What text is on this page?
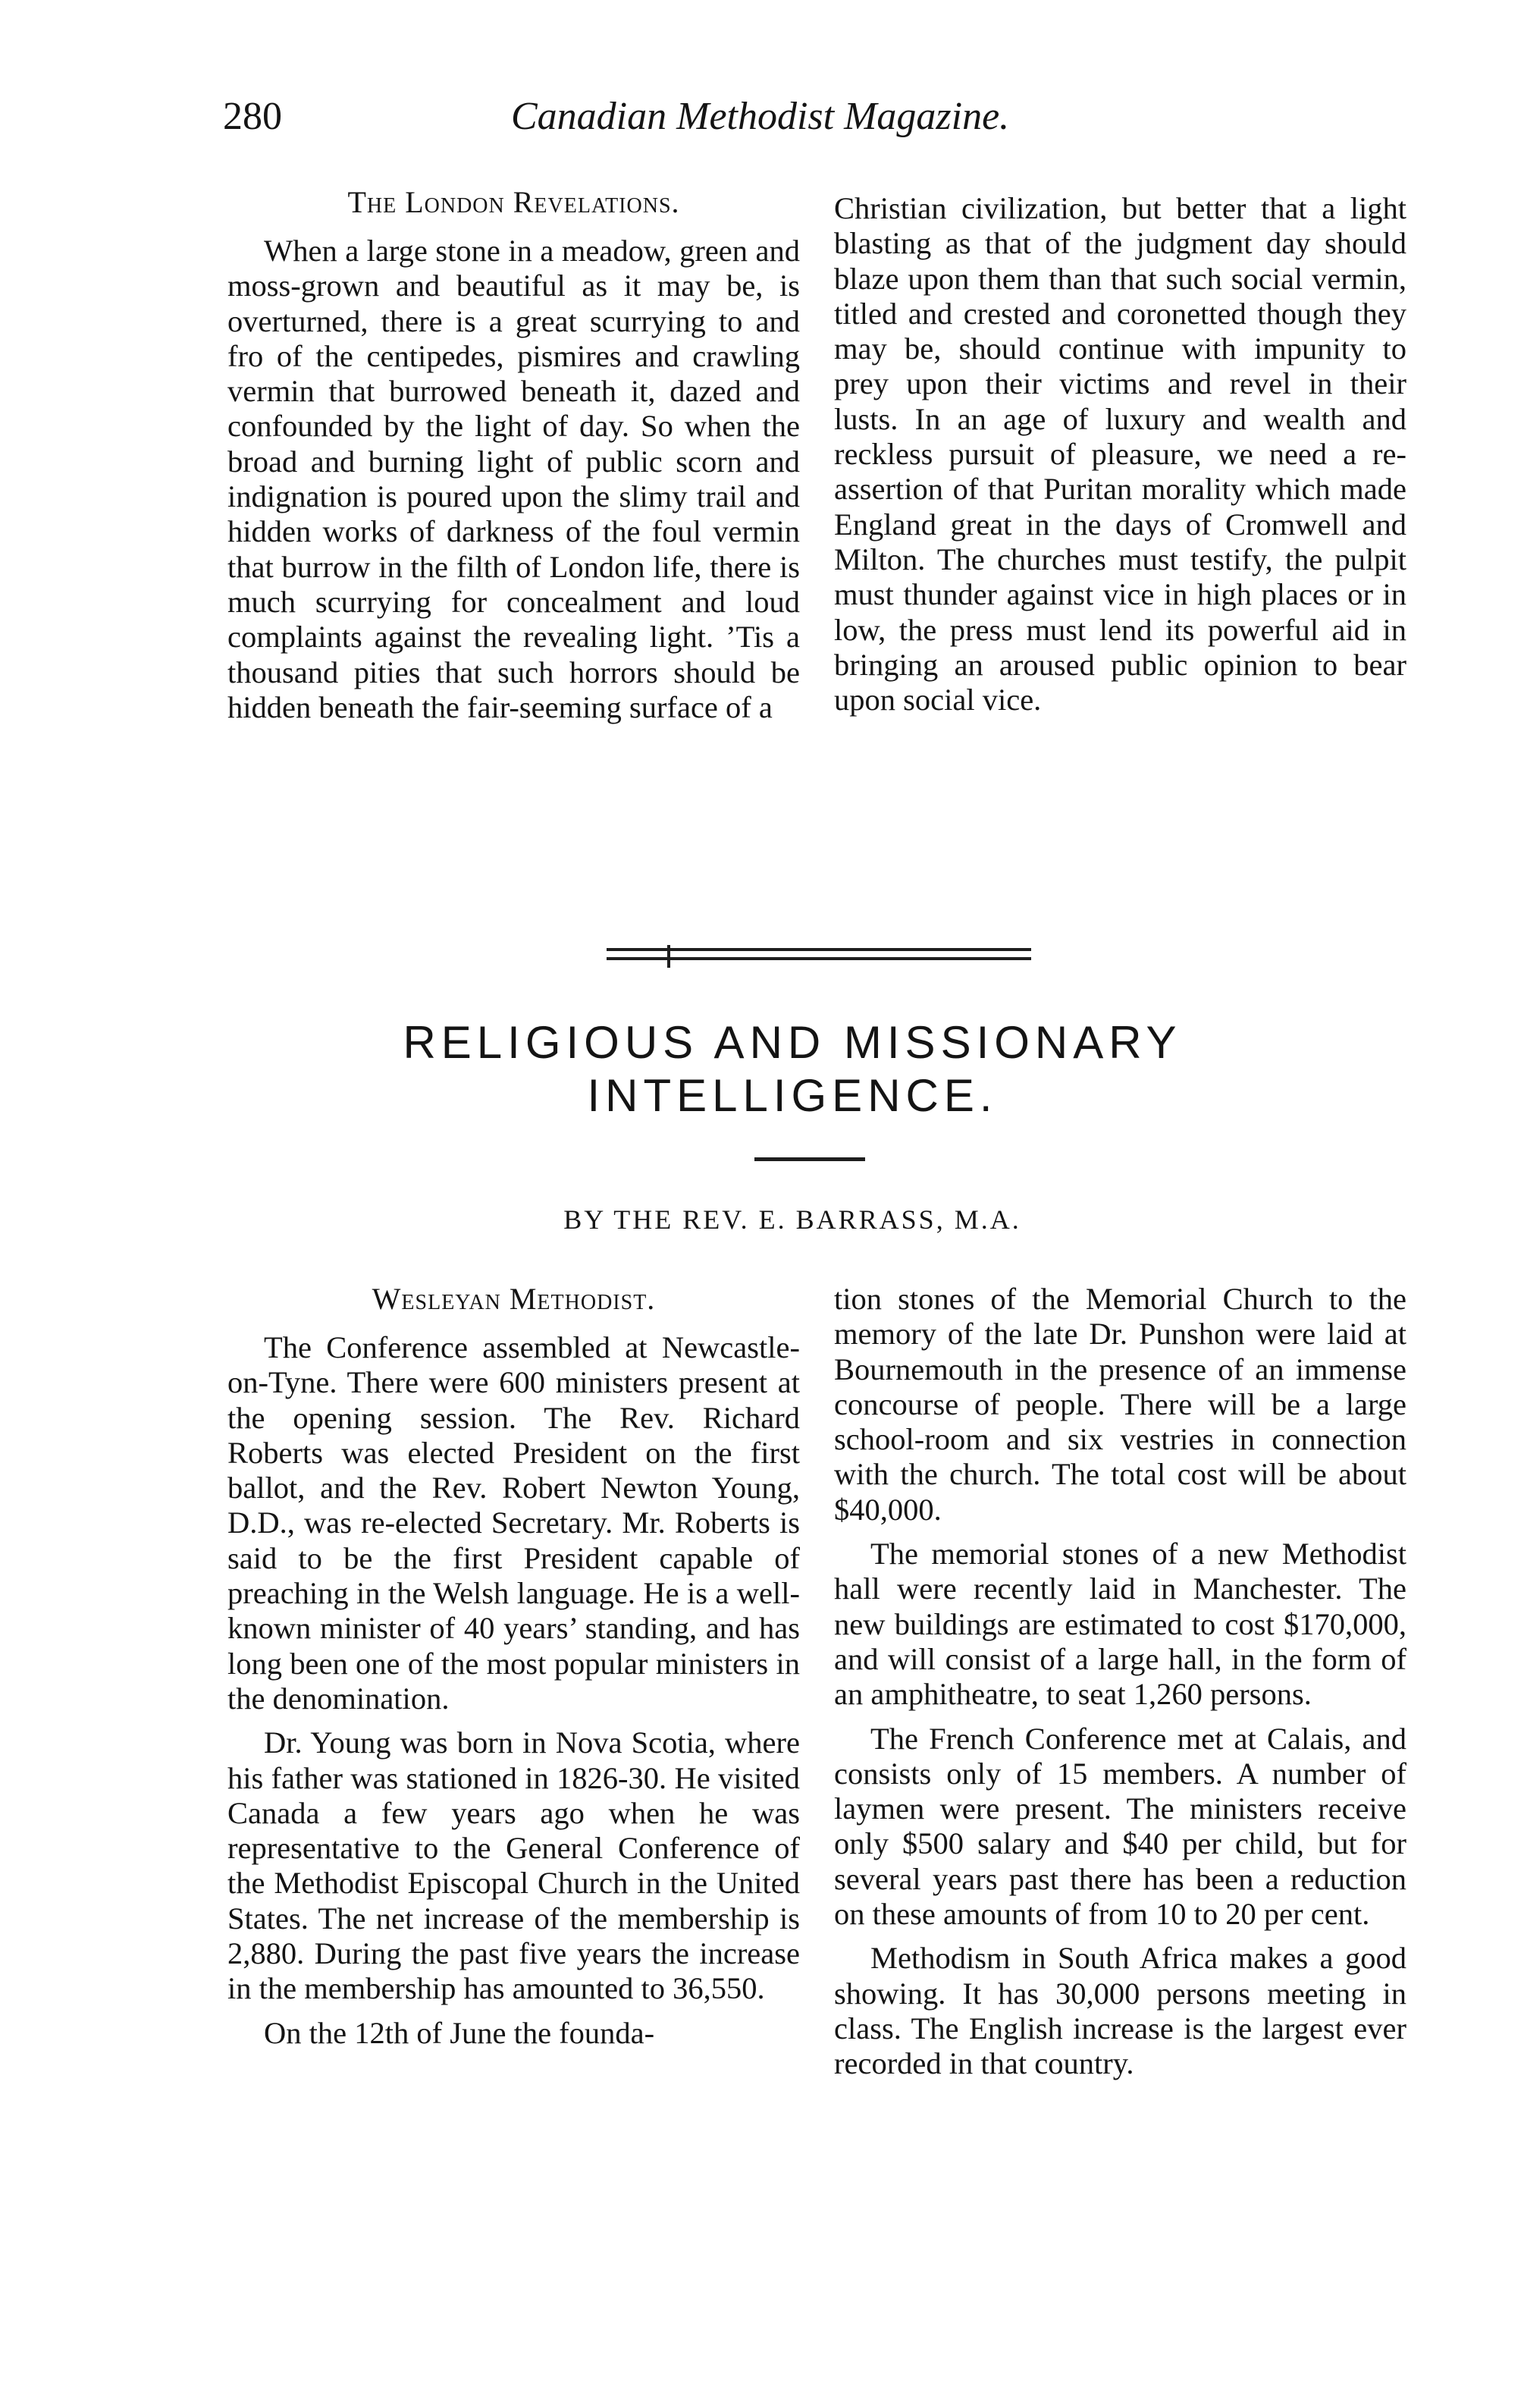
280	Canadian Methodist Magazine.
The London Revelations.

When a large stone in a meadow, green and moss-grown and beautiful as it may be, is overturned, there is a great scurrying to and fro of the centipedes, pismires and crawling vermin that burrowed beneath it, dazed and confounded by the light of day. So when the broad and burning light of public scorn and indignation is poured upon the slimy trail and hidden works of darkness of the foul vermin that burrow in the filth of London life, there is much scurrying for concealment and loud complaints against the revealing light. ’Tis a thousand pities that such horrors should be hidden beneath the fair-seeming surface of a

Christian civilization, but better that a light blasting as that of the judgment day should blaze upon them than that such social vermin, titled and crested and coronetted though they may be, should continue with impunity to prey upon their victims and revel in their lusts. In an age of luxury and wealth and reckless pursuit of pleasure, we need a re-assertion of that Puritan morality which made England great in the days of Cromwell and Milton. The churches must testify, the pulpit must thunder against vice in high places or in low, the press must lend its powerful aid in bringing an aroused public opinion to bear upon social vice.

RELIGIOUS AND MISSIONARY
INTELLIGENCE.
BY THE REV. E. BARRASS, M.A.
Wesleyan Methodist.

The Conference assembled at Newcastle-on-Tyne. There were 600 ministers present at the opening session. The Rev. Richard Roberts was elected President on the first ballot, and the Rev. Robert Newton Young, D.D., was re-elected Secretary. Mr. Roberts is said to be the first President capable of preaching in the Welsh language. He is a well-known minister of 40 years’ standing, and has long been one of the most popular ministers in the denomination.

Dr. Young was born in Nova Scotia, where his father was stationed in 1826-30. He visited Canada a few years ago when he was representative to the General Conference of the Methodist Episcopal Church in the United States. The net increase of the membership is 2,880. During the past five years the increase in the membership has amounted to 36,550.

On the 12th of June the founda-

tion stones of the Memorial Church to the memory of the late Dr. Punshon were laid at Bournemouth in the presence of an immense concourse of people. There will be a large school-room and six vestries in connection with the church. The total cost will be about $40,000.

The memorial stones of a new Methodist hall were recently laid in Manchester. The new buildings are estimated to cost $170,000, and will consist of a large hall, in the form of an amphitheatre, to seat 1,260 persons.

The French Conference met at Calais, and consists only of 15 members. A number of laymen were present. The ministers receive only $500 salary and $40 per child, but for several years past there has been a reduction on these amounts of from 10 to 20 per cent.

Methodism in South Africa makes a good showing. It has 30,000 persons meeting in class. The English increase is the largest ever recorded in that country.
